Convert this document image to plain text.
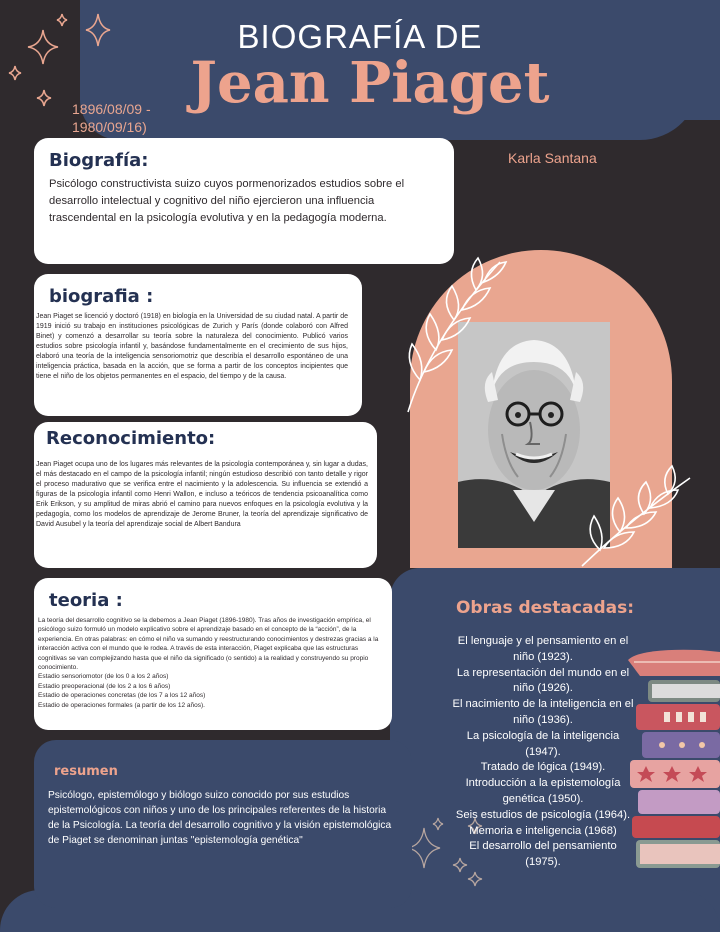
BIOGRAFÍA DE
Jean Piaget
1896/08/09 - 1980/09/16)
Karla Santana
Biografía:

Psicólogo constructivista suizo cuyos pormenorizados estudios sobre el desarrollo intelectual y cognitivo del niño ejercieron una influencia trascendental en la psicología evolutiva y en la pedagogía moderna.

biografia :

Jean Piaget se licenció y doctoró (1918) en biología en la Universidad de su ciudad natal. A partir de 1919 inició su trabajo en instituciones psicológicas de Zurich y París (donde colaboró con Alfred Binet) y comenzó a desarrollar su teoría sobre la naturaleza del conocimiento. Publicó varios estudios sobre psicología infantil y, basándose fundamentalmente en el crecimiento de sus hijos, elaboró una teoría de la inteligencia sensoriomotriz que describía el desarrollo espontáneo de una inteligencia práctica, basada en la acción, que se forma a partir de los conceptos incipientes que tiene el niño de los objetos permanentes en el espacio, del tiempo y de la causa.

Reconocimiento:

Jean Piaget ocupa uno de los lugares más relevantes de la psicología contemporánea y, sin lugar a dudas, el más destacado en el campo de la psicología infantil; ningún estudioso describió con tanto detalle y rigor el proceso madurativo que se verifica entre el nacimiento y la adolescencia. Su influencia se extendió a figuras de la psicología infantil como Henri Wallon, e incluso a teóricos de tendencia psicoanalítica como Erik Erikson, y su amplitud de miras abrió el camino para nuevos enfoques en la psicología evolutiva y la pedagogía, como los modelos de aprendizaje de Jerome Bruner, la teoría del aprendizaje significativo de David Ausubel y la teoría del aprendizaje social de Albert Bandura

teoria :

La teoría del desarrollo cognitivo se la debemos a Jean Piaget (1896-1980). Tras años de investigación empírica, el psicólogo suizo formuló un modelo explicativo sobre el aprendizaje basado en el concepto de la “acción”, de la experiencia. En otras palabras: en cómo el niño va sumando y reestructurando conocimientos y destrezas gracias a la interacción activa con el mundo que le rodea. A través de esta interacción, Piaget explicaba que las estructuras cognitivas se van complejizando hasta que el niño da significado (o sentido) a la realidad y construyendo su propio conocimiento.
Estadio sensoriomotor (de los 0 a los 2 años)
Estadio preoperacional (de los 2 a los 6 años)
Estadio de operaciones concretas (de los 7 a los 12 años)
Estadio de operaciones formales (a partir de los 12 años).

resumen
Psicólogo, epistemólogo y biólogo suizo conocido por sus estudios epistemológicos con niños y uno de los principales referentes de la historia de la Psicología. La teoría del desarrollo cognitivo y la visión epistemológica de Piaget se denominan juntas "epistemología genética"
Obras destacadas:
El lenguaje y el pensamiento en el niño (1923).
La representación del mundo en el niño (1926).
El nacimiento de la inteligencia en el niño (1936).
La psicología de la inteligencia (1947).
Tratado de lógica (1949).
Introducción a la epistemología genética (1950).
Seis estudios de psicología (1964).
Memoria e inteligencia (1968)
El desarrollo del pensamiento (1975).
